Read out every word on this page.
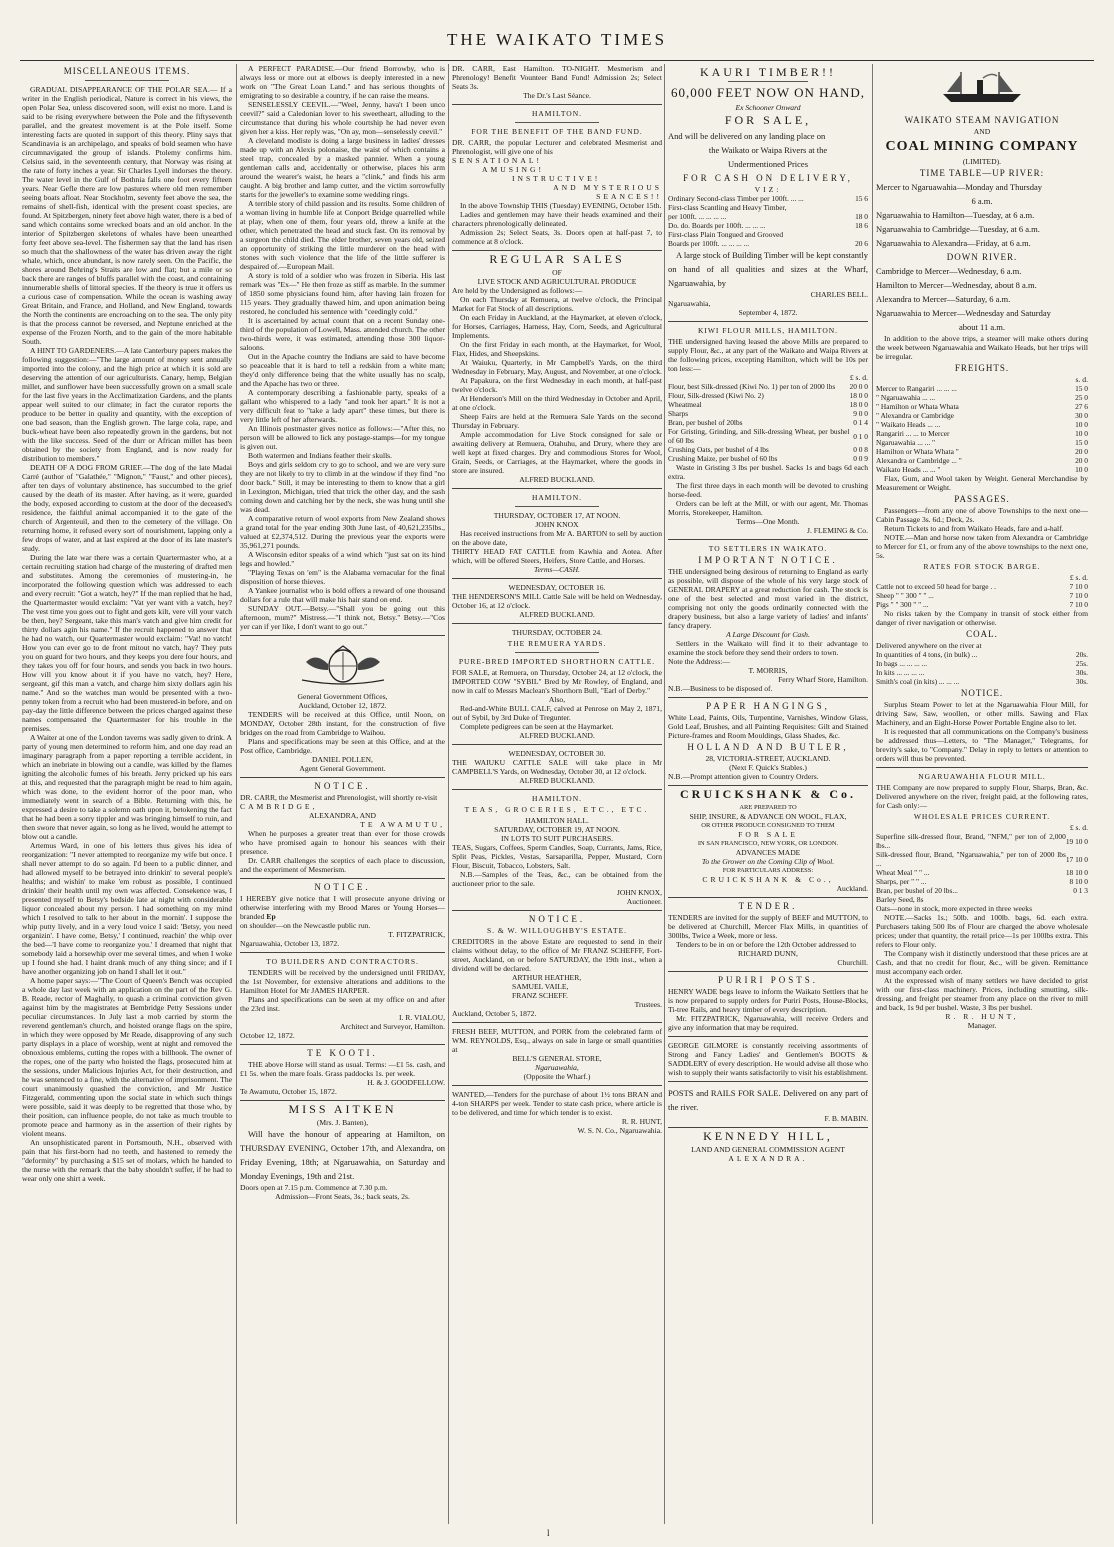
THE WAIKATO TIMES
MISCELLANEOUS ITEMS.

GRADUAL DISAPPEARANCE OF THE POLAR SEA.— If a writer in the English periodical, Nature is correct in his views, the open Polar Sea, unless discovered soon, will exist no more. Land is said to be rising everywhere between the Pole and the fiftyseventh parallel, and the greatest movement is at the Pole itself. Some interesting facts are quoted in support of this theory. Pliny says that Scandinavia is an archipelago, and speaks of bold seamen who have circumnavigated the group of islands. Ptolemy confirms him. Celsius said, in the seventeenth century, that Norway was rising at the rate of forty inches a year. Sir Charles Lyell indorses the theory. The water level in the Gulf of Bothnia falls one foot every fifteen years. Near Gefle there are low pastures where old men remember seeing boats afloat. Near Stockholm, seventy feet above the sea, the remains of shell-fish, identical with the present coast species, are found. At Spitzbergen, ninety feet above high water, there is a bed of sand which contains some wrecked boats and an old anchor. In the interior of Spitzbergen skeletons of whales have been unearthed forty feet above sea-level. The fishermen say that the land has risen so much that the shallowness of the water has driven away the right whale, which, once abundant, is now rarely seen. On the Pacific, the shores around Behring's Straits are low and flat; but a mile or so back there are ranges of bluffs parallel with the coast, and containing innumerable shells of littoral species. If the theory is true it offers us a curious case of compensation. While the ocean is washing away Great Britain, and France, and Holland, and New England, towards the North the continents are encroaching on to the sea. The only pity is that the process cannot be reversed, and Neptune enriched at the expense of the Frozen North, and to the gain of the more habitable South.

A HINT TO GARDENERS.—A late Canterbury papers makes the following suggestion:—"The large amount of money sent annually imported into the colony, and the high price at which it is sold are deserving the attention of our agriculturists. Canary, hemp, Belgian millet, and sunflower have been successfully grown on a small scale for the last five years in the Acclimatization Gardens, and the plants appear well suited to our climate; in fact the curator reports the produce to be better in quality and quantity, with the exception of one bad season, than the English grown. The large cola, rape, and buck-wheat have been also repeatedly grown in the gardens, but not with the like success. Seed of the durr or African millet has been obtained by the society from England, and is now ready for distribution to members."

DEATH OF A DOG FROM GRIEF.—The dog of the late Madai Carré (author of "Galathée," "Mignon," "Faust," and other pieces), after ten days of voluntary abstinence, has succumbed to the grief caused by the death of its master. After having, as it were, guarded the body, exposed according to custom at the door of the deceased's residence, the faithful animal accompanied it to the gate of the church of Argenteuil, and then to the cemetery of the village. On returning home, it refused every sort of nourishment, lapping only a few drops of water, and at last expired at the door of its late master's study.

During the late war there was a certain Quartermaster who, at a certain recruiting station had charge of the mustering of drafted men and substitutes. Among the ceremonies of mustering-in, he incorporated the following question which was addressed to each and every recruit: "Got a watch, hey?" If the man replied that he had, the Quartermaster would exclaim: "Vat yer want vith a vatch, hey? The vest time you goes out to fight and gets kilt, vere vill your vatch be then, hey? Sergeant, take this man's vatch and give him credit for thirty dollars agin his name." If the recruit happened to answer that he had no watch, our Quartermaster would exclaim: "Vat! no vatch! How you can ever go to de front mitout no vatch, hay? They puts you on guard for two hours, and they keeps you dere four hours, and they takes you off for four hours, and sends you back in two hours. How vill you know about it if you have no vatch, hey? Here, sergeant, gif this man a vatch, and charge him sixty dollars agin his name." And so the watches man would be presented with a two-penny token from a recruit who had been mustered-in before, and on pay-day the little difference between the prices charged against these names compensated the Quartermaster for his trouble in the premises.

A Waiter at one of the London taverns was sadly given to drink. A party of young men determined to reform him, and one day read an imaginary paragraph from a paper reporting a terrible accident, in which an inebriate in blowing out a candle, was killed by the flames igniting the alcoholic fumes of his breath. Jerry pricked up his ears at this, and requested that the paragraph might be read to him again, which was done, to the evident horror of the poor man, who immediately went in search of a Bible. Returning with this, he expressed a desire to take a solemn oath upon it, betokening the fact that he had been a sorry tippler and was bringing himself to ruin, and then swore that never again, so long as he lived, would he attempt to blow out a candle.

Artemus Ward, in one of his letters thus gives his idea of reorganization: "I never attempted to reorganize my wife but once. I shall never attempt to do so again. I'd been to a public dinner, and had allowed myself to be betrayed into drinkin' to several people's healths; and wishin' to make 'em robust as possible, I continued drinkin' their health until my own was affected. Consekence was, I presented myself to Betsy's bedside late at night with considerable liquor concealed about my person. I had something on my mind which I resolved to talk to her about in the mornin'. I suppose the whip putty lively, and in a very loud voice I said: 'Betsy, you need organizin'. I have come, Betsy,' I continued, reachin' the whip over the bed—'I have come to reorganize you.' I dreamed that night that somebody laid a horsewhip over me several times, and when I woke up I found she had. I haint drank much of any thing since; and if I have another organizing job on hand I shall let it out."

A home paper says:—"The Court of Queen's Bench was occupied a whole day last week with an application on the part of the Rev G. B. Reade, rector of Maghally, to quash a criminal conviction given against him by the magistrates at Bembridge Petty Sessions under peculiar circumstances. In July last a mob carried by storm the reverend gentleman's church, and hoisted orange flags on the spire, in which they were opposed by Mr Reade, disapproving of any such party displays in a place of worship, went at night and removed the obnoxious emblems, cutting the ropes with a billhook. The owner of the ropes, one of the party who hoisted the flags, prosecuted him at the sessions, under Malicious Injuries Act, for their destruction, and he was sentenced to a fine, with the alternative of imprisonment. The court unanimously quashed the conviction, and Mr Justice Fitzgerald, commenting upon the social state in which such things were possible, said it was deeply to be regretted that those who, by their position, can influence people, do not take as much trouble to promote peace and harmony as in the assertion of their rights by violent means.

An unsophisticated parent in Portsmouth, N.H., observed with pain that his first-born had no teeth, and hastened to remedy the "deformity" by purchasing a $15 set of molars, which he handed to the nurse with the remark that the baby shouldn't suffer, if he had to wear only one shirt a week.

A PERFECT PARADISE.—Our friend Borrowby, who is always less or more out at elbows is deeply interested in a new work on "The Great Loan Land." and has serious thoughts of emigrating to so desirable a country, if he can raise the means.

SENSELESSLY CEEVIL.—"Weel, Jenny, hava't I been unco ceevil?" said a Caledonian lover to his sweetheart, alluding to the circumstance that during his whole courtship he had never even given her a kiss. Her reply was, "On ay, mon—senselessly ceevil."

A cleveland modiste is doing a large business in ladies' dresses made up with an Alexis polonaise, the waist of which contains a steel trap, concealed by a masked pannier. When a young gentleman calls and, accidentally or otherwise, places his arm around the wearer's waist, he hears a "clink," and finds his arm caught. A big brother and lamp cutter, and the victim sorrowfully starts for the jeweller's to examine some wedding rings.

A terrible story of child passion and its results. Some children of a woman living in humble life at Conport Bridge quarrelled while at play, when one of them, four years old, threw a knife at the other, which penetrated the head and stuck fast. On its removal by a surgeon the child died. The elder brother, seven years old, seized an opportunity of striking the little murderer on the head with stones with such violence that the life of the little sufferer is despaired of.—European Mail.

A story is told of a soldier who was frozen in Siberia. His last remark was "Ex—" He then froze as stiff as marble. In the summer of 1850 some physicians found him, after having lain frozen for 115 years. They gradually thawed him, and upon animation being restored, he concluded his sentence with "ceedingly cold."

It is ascertained by actual count that on a recent Sunday one-third of the population of Lowell, Mass. attended church. The other two-thirds were, it was estimated, attending those 300 liquor-saloons.

Out in the Apache country the Indians are said to have become so peaceable that it is hard to tell a redskin from a white man; they'd only difference being that the white usually has no scalp, and the Apache has two or three.

A contemporary describing a fashionable party, speaks of a gallant who whispered to a lady "and took her apart." It is not a very difficult feat to "take a lady apart" these times, but there is very little left of her afterwards.

An Illinois postmaster gives notice as follows:—"After this, no person will be allowed to lick any postage-stamps—for my tongue is given out.

Both watermen and Indians feather their skulls.

Boys and girls seldom cry to go to school, and we are very sure they are not likely to try to climb in at the window if they find "no door back." Still, it may be interesting to them to know that a girl in Lexington, Michigan, tried that trick the other day, and the sash coming down and catching her by the neck, she was hung until she was dead.

A comparative return of wool exports from New Zealand shows a grand total for the year ending 30th June last, of 40,621,235lbs., valued at £2,374,512. During the previous year the exports were 35,961,271 pounds.

A Wisconsin editor speaks of a wind which "just sat on its hind legs and howled."

"Playing Texas on 'em" is the Alabama vernacular for the final disposition of horse thieves.

A Yankee journalist who is bold offers a reward of one thousand dollars for a rule that will make his hair stand on end.

SUNDAY OUT.—Betsy.—"Shall you be going out this afternoon, mum?" Mistress.—"I think not, Betsy." Betsy.—"Cos yer can if yer like, I don't want to go out."

General Government Offices,
Auckland, October 12, 1872.

TENDERS will be received at this Office, until Noon, on MONDAY, October 28th instant, for the construction of five bridges on the road from Cambridge to Waihou.

Plans and specifications may be seen at this Office, and at the Post office, Cambridge.

DANIEL POLLEN,
Agent General Government.
NOTICE.

DR. CARR, the Mesmerist and Phrenologist, will shortly re-visit

CAMBRIDGE,
ALEXANDRA, AND
TE AWAMUTU,

When he purposes a greater treat than ever for those crowds who have promised again to honour his seances with their presence.

Dr. CARR challenges the sceptics of each place to discussion, and the experiment of Mesmerism.

NOTICE.

I HEREBY give notice that I will prosecute anyone driving or otherwise interfering with my Brood Mares or Young Horses—branded Ep

on shoulder—on the Newcastle public run.

T. FITZPATRICK,
Ngaruawahia, October 13, 1872.
TO BUILDERS AND CONTRACTORS.

TENDERS will be received by the undersigned until FRIDAY, the 1st November, for extensive alterations and additions to the Hamilton Hotel for Mr JAMES HARPER.

Plans and specifications can be seen at my office on and after the 23rd inst.

I. R. VIALOU,
Architect and Surveyor, Hamilton.
October 12, 1872.
TE KOOTI.

THE above Horse will stand as usual. Terms: —£1 5s. cash, and £1 5s. when the mare foals. Grass paddocks 1s. per week.

H. & J. GOODFELLOW.
Te Awamutu, October 15, 1872.
MISS AITKEN
(Mrs. J. Banten),

Will have the honour of appearing at Hamilton, on THURSDAY EVENING, October 17th, and Alexandra, on Friday Evening, 18th; at Ngaruawahia, on Saturday and Monday Evenings, 19th and 21st.

Doors open at 7.15 p.m. Commence at 7.30 p.m.
Admission—Front Seats, 3s.; back seats, 2s.

DR. CARR, East Hamilton. TO-NIGHT. Mesmerism and Phrenology! Benefit Vounteer Band Fund! Admission 2s; Select Seats 3s.

The Dr.'s Last Séance.
HAMILTON.
FOR THE BENEFIT OF THE BAND FUND.

DR. CARR, the popular Lecturer and celebrated Mesmerist and Phrenologist, will give one of his

SENSATIONAL!
AMUSING!
INSTRUCTIVE!
AND MYSTERIOUS
SEANCES!!

In the above Township THIS (Tuesday) EVENING, October 15th.

Ladies and gentlemen may have their heads examined and their characters phrenologically delineated.

Admission 2s; Select Seats, 3s. Doors open at half-past 7, to commence at 8 o'clock.

REGULAR SALES
OF
LIVE STOCK AND AGRICULTURAL PRODUCE

Are held by the Undersigned as follows:—

On each Thursday at Remuera, at twelve o'clock, the Principal Market for Fat Stock of all descriptions.

On each Friday in Auckland, at the Haymarket, at eleven o'clock, for Horses, Carriages, Harness, Hay, Corn, Seeds, and Agricultural Implements.

On the first Friday in each month, at the Haymarket, for Wool, Flax, Hides, and Sheepskins.

At Waiuku, Quarterly, in Mr Campbell's Yards, on the third Wednesday in February, May, August, and November, at one o'clock.

At Papakura, on the first Wednesday in each month, at half-past twelve o'clock.

At Henderson's Mill on the third Wednesday in October and April, at one o'clock.

Sheep Fairs are held at the Remuera Sale Yards on the second Thursday in February.

Ample accommodation for Live Stock consigned for sale or awaiting delivery at Remuera, Otahuhu, and Drury, where they are well kept at fixed charges. Dry and commodious Stores for Wool, Grain, Seeds, or Carriages, at the Haymarket, where the goods in store are insured.

ALFRED BUCKLAND.
HAMILTON.
THURSDAY, OCTOBER 17, AT NOON.
JOHN KNOX

Has received instructions from Mr A. BARTON to sell by auction on the above date,

THIRTY HEAD FAT CATTLE from Kawhia and Aotea. After which, will be offered Steers, Heifers, Store Cattle, and Horses.

Terms—CASH.
WEDNESDAY, OCTOBER 16.

THE HENDERSON'S MILL Cattle Sale will be held on Wednesday, October 16, at 12 o'clock.

ALFRED BUCKLAND.
THURSDAY, OCTOBER 24.
THE REMUERA YARDS.
PURE-BRED IMPORTED SHORTHORN CATTLE.

FOR SALE, at Remuera, on Thursday, October 24, at 12 o'clock, the IMPORTED COW "SYBIL" Bred by Mr Rowley, of England, and now in calf to Messrs Maclean's Shorthorn Bull, "Earl of Derby."

Also,

Red-and-White BULL CALF, calved at Penrose on May 2, 1871, out of Sybil, by 3rd Duke of Tregunter.

Complete pedigrees can be seen at the Haymarket.

ALFRED BUCKLAND.
WEDNESDAY, OCTOBER 30.

THE WAIUKU CATTLE SALE will take place in Mr CAMPBELL'S Yards, on Wednesday, October 30, at 12 o'clock.

ALFRED BUCKLAND.
HAMILTON.
TEAS, GROCERIES, ETC., ETC.
HAMILTON HALL.
SATURDAY, OCTOBER 19, AT NOON.
IN LOTS TO SUIT PURCHASERS.

TEAS, Sugars, Coffees, Sperm Candles, Soap, Currants, Jams, Rice, Split Peas, Pickles, Vestas, Sarsaparilla, Pepper, Mustard, Corn Flour, Biscuit, Tobacco, Lobsters, Salt.

N.B.—Samples of the Teas, &c., can be obtained from the auctioneer prior to the sale.

JOHN KNOX,
Auctioneer.
NOTICE.
S. & W. WILLOUGHBY'S ESTATE.

CREDITORS in the above Estate are requested to send in their claims without delay, to the office of Mr FRANZ SCHEFFF, Fort-street, Auckland, on or before SATURDAY, the 19th inst., when a dividend will be declared.

ARTHUR HEATHER,
SAMUEL VAILE,
FRANZ SCHEFF.
Trustees.
Auckland, October 5, 1872.

FRESH BEEF, MUTTON, and PORK from the celebrated farm of WM. REYNOLDS, Esq., always on sale in large or small quantities at

BELL'S GENERAL STORE,
Ngaruawahia,
(Opposite the Wharf.)

WANTED,—Tenders for the purchase of about 1½ tons BRAN and 4-ton SHARPS per week. Tender to state cash price, where article is to be delivered, and time for which tender is to exist.

R. R. HUNT,
W. S. N. Co., Ngaruawahia.
KAURI TIMBER!!
60,000 FEET NOW ON HAND,
Ex Schooner Onward
FOR SALE,
And will be delivered on any landing place on
the Waikato or Waipa Rivers at the
Undermentioned Prices
FOR CASH ON DELIVERY,
VIZ:
Ordinary Second-class Timber per 100ft. ... ...	15 6
First-class Scantling and Heavy Timber,	
per 100ft. ... ... ... ...	18 0
Do. do. Boards per 100ft. ... ... ...	18 6
First-class Plain Tongued and Grooved	
Boards per 100ft. ... ... ... ...	20 6

A large stock of Building Timber will be kept constantly on hand of all qualities and sizes at the Wharf, Ngaruawahia, by

CHARLES BELL.
Ngaruawahia,
September 4, 1872.
KIWI FLOUR MILLS, HAMILTON.

THE undersigned having leased the above Mills are prepared to supply Flour, &c., at any part of the Waikato and Waipa Rivers at the following prices, excepting Hamilton, which will be 10s per ton less:—

£ s. d.
Flour, best Silk-dressed (Kiwi No. 1) per ton of 2000 lbs	20 0 0
Flour, Silk-dressed (Kiwi No. 2)	18 0 0
Wheatmeal	18 0 0
Sharps	9 0 0
Bran, per bushel of 20lbs	0 1 4
For Gristing, Grinding, and Silk-dressing Wheat, per bushel of 60 lbs	0 1 0
Crushing Oats, per bushel of 4 lbs	0 0 8
Crushing Maize, per bushel of 60 lbs	0 0 9

Waste in Gristing 3 lbs per bushel. Sacks 1s and bags 6d each extra.

The first three days in each month will be devoted to crushing horse-feed.

Orders can be left at the Mill, or with our agent, Mr. Thomas Morris, Storekeeper, Hamilton.

Terms—One Month.
J. FLEMING & Co.
TO SETTLERS IN WAIKATO.
IMPORTANT NOTICE.

THE undersigned being desirous of returning to England as early as possible, will dispose of the whole of his very large stock of GENERAL DRAPERY at a great reduction for cash. The stock is one of the best selected and most varied in the district, comprising not only the goods ordinarily connected with the drapery business, but also a large variety of ladies' and infants' fancy drapery.

A Large Discount for Cash.

Settlers in the Waikato will find it to their advantage to examine the stock before they send their orders to town.

Note the Address:—
T. MORRIS,
Ferry Wharf Store, Hamilton.
N.B.—Business to be disposed of.
PAPER HANGINGS,

White Lead, Paints, Oils, Turpentine, Varnishes, Window Glass, Gold Leaf, Brushes, and all Painting Requisites: Gilt and Stained Picture-frames and Room Mouldings, Glass Shades, &c.

HOLLAND AND BUTLER,
28, VICTORIA-STREET, AUCKLAND.
(Next F. Quick's Stables.)
N.B.—Prompt attention given to Country Orders.
CRUICKSHANK & Co.
ARE PREPARED TO
SHIP, INSURE, & ADVANCE ON WOOL, FLAX,
OR OTHER PRODUCE CONSIGNED TO THEM
FOR SALE
IN SAN FRANCISCO, NEW YORK, OR LONDON.
ADVANCES MADE
To the Grower on the Coming Clip of Wool.
FOR PARTICULARS ADDRESS:
CRUICKSHANK & Co.,
Auckland.
TENDER.

TENDERS are invited for the supply of BEEF and MUTTON, to be delivered at Churchill, Mercer Flax Mills, in quantities of 300lbs, Twice a Week, more or less.

Tenders to be in on or before the 12th October addressed to

RICHARD DUNN,
Churchill.
PURIRI POSTS.

HENRY WADE begs leave to inform the Waikato Settlers that he is now prepared to supply orders for Puriri Posts, House-Blocks, Ti-tree Rails, and heavy timber of every description.

Mr. FITZPATRICK, Ngaruawahia, will receive Orders and give any information that may be required.

GEORGE GILMORE is constantly receiving assortments of Strong and Fancy Ladies' and Gentlemen's BOOTS & SADDLERY of every description. He would advise all those who wish to supply their wants satisfactorily to visit his establishment.

POSTS and RAILS FOR SALE. Delivered on any part of the river.

F. B. MABIN.
KENNEDY HILL,
LAND AND GENERAL COMMISSION AGENT
ALEXANDRA.
WAIKATO STEAM NAVIGATION
AND
COAL MINING COMPANY
(LIMITED).
TIME TABLE—UP RIVER:
Mercer to Ngaruawahia—Monday and Thursday
6 a.m.
Ngaruawahia to Hamilton—Tuesday, at 6 a.m.
Ngaruawahia to Cambridge—Tuesday, at 6 a.m.
Ngaruawahia to Alexandra—Friday, at 6 a.m.
DOWN RIVER.
Cambridge to Mercer—Wednesday, 6 a.m.
Hamilton to Mercer—Wednesday, about 8 a.m.
Alexandra to Mercer—Saturday, 6 a.m.
Ngaruawahia to Mercer—Wednesday and Saturday
about 11 a.m.

In addition to the above trips, a steamer will make others during the week between Ngaruawahia and Waikato Heads, but her trips will be irregular.

FREIGHTS.
s. d.
Mercer to Rangariri ... ... ...	15 0
" Ngaruawahia ... ...	25 0
" Hamilton or Whata Whata	27 6
" Alexandra or Cambridge	30 0
" Waikato Heads ... ...	10 0
Rangariri ... ... to Mercer	10 0
Ngaruawahia ... ... "	15 0
Hamilton or Whata Whata "	20 0
Alexandra or Cambridge ... "	20 0
Waikato Heads ... ... "	10 0

Flax, Gum, and Wool taken by Weight. General Merchandise by Measurement or Weight.

PASSAGES.

Passengers—from any one of above Townships to the next one—Cabin Passage 3s. 6d.; Deck, 2s.

Return Tickets to and from Waikato Heads, fare and a-half.

NOTE.—Man and horse now taken from Alexandra or Cambridge to Mercer for £1, or from any of the above townships to the next one, 5s.

RATES FOR STOCK BARGE.
£ s. d.
Cattle not to exceed 50 head for barge . .	7 10 0
Sheep " " 300 " " ...	7 10 0
Pigs " " 300 " " ...	7 10 0

No risks taken by the Company in transit of stock either from danger of river navigation or otherwise.

COAL.
Delivered anywhere on the river at
In quantities of 4 tons, (in bulk) ...	20s.
In bags ... ... ... ...	25s.
In kits ... ... ... ...	30s.
Smith's coal (in kits) ... ... ...	30s.
NOTICE.

Surplus Steam Power to let at the Ngaruawahia Flour Mill, for driving Saw, Saw, woollen, or other mills. Sawing and Flax Machinery, and an Eight-Horse Power Portable Engine also to let.

It is requested that all communications on the Company's business be addressed thus—Letters, to "The Manager," Telegrams, for brevity's sake, to "Company." Delay in reply to letters or attention to orders will thus be prevented.

NGARUAWAHIA FLOUR MILL.

THE Company are now prepared to supply Flour, Sharps, Bran, &c. Delivered anywhere on the river, freight paid, at the following rates, for Cash only:—

WHOLESALE PRICES CURRENT.
£ s. d.
Superfine silk-dressed flour, Brand, "NFM," per ton of 2,000 lbs...	19 10 0
Silk-dressed flour, Brand, "Ngaruawahia," per ton of 2000 lbs ...	17 10 0
Wheat Meal " " ...	18 10 0
Sharps, per " " ...	8 10 0
Bran, per bushel of 20 lbs...	0 1 3
Barley Seed, 8s
Oats—none in stock, more expected in three weeks

NOTE.—Sacks 1s.; 50lb. and 100lb. bags, 6d. each extra. Purchasers taking 500 lbs of Flour are charged the above wholesale prices; under that quantity, the retail price—1s per 100lbs extra. This refers to Flour only.

The Company wish it distinctly understood that these prices are at Cash, and that no credit for flour, &c., will be given. Remittance must accompany each order.

At the expressed wish of many settlers we have decided to grist with our first-class machinery. Prices, including smutting, silk-dressing, and freight per steamer from any place on the river to mill and back, 1s 9d per bushel. Waste, 3 lbs per bushel.

R. R. HUNT,
Manager.
l
